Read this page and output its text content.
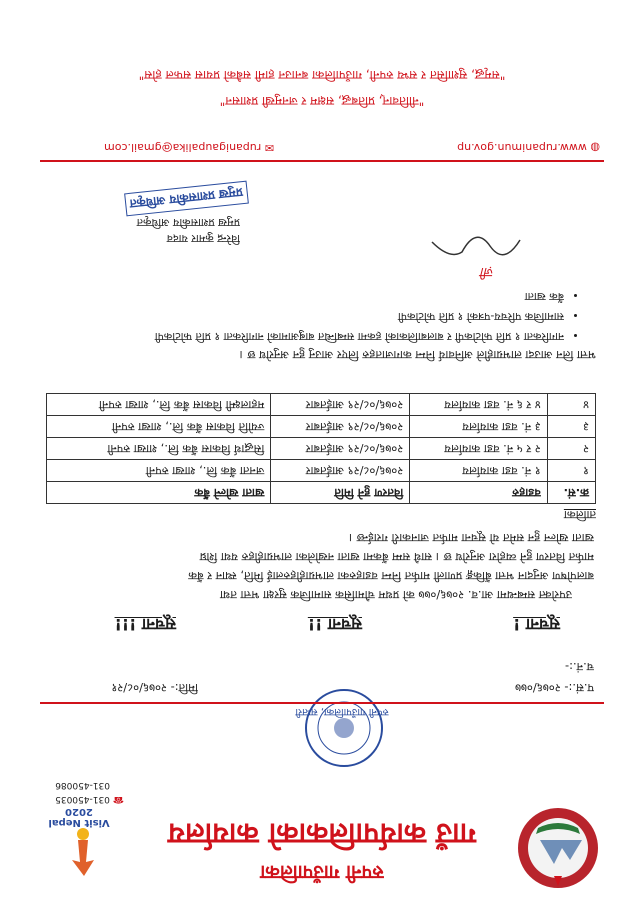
रुपनी गाउँपालिका
गाउँ कार्यपालिकाको कार्यालय
Visit Nepal 2020
☎ 031-450035
031-450086
रुपनी गाउँपालिका, सप्तरी
प.सं.:- २०७६/०७७
मिति:- २०७६/०८/२१
च.नं.:-
सूचना !
सूचना !!
सूचना !!!
उपरोक्त सम्बन्धमा आ.व. २०७६/०७७ को प्रथम चौमासिक सामाजिक सुरक्षा भत्ता तथा
बालपोषण अनुदान भत्ता बैंकिङ्ग प्रणाली मार्फत निम्न वडाहरुका लाभग्राहीहरुलाई मिति, स्थान र बैंक
मार्फत वितरण हुने व्यहोरा अनुरोध छ । साथै सम्म बैंकमा खाता नखोलेका लाभग्राहीहरु यथा शिघ्र
खाता खोल्न हुन समेत यो सूचना मार्फत जानकारी गराईन्छ ।
तालिका
क्र.सं.	वडाहरु	वितरण हुने मिति	खाता खोल्ने बैंक
१	१ नं. वडा कार्यालय	२०७६/०८/२९ आईतबार	जनता बैंक लि., शाखा रुपनी
२	२ र ५ नं. वडा कार्यालय	२०७६/०८/२९ आईतबार	सिद्धार्थ विकास बैंक लि., शाखा रुपनी
३	३ नं. वडा कार्यालय	२०७६/०८/२९ आईतबार	ज्योति विकास बैंक लि., शाखा रुपनी
४	४ र ६ नं. वडा कार्यालय	२०७६/०८/२९ आईतबार	महालक्ष्मी विकास बैंक लि., शाखा रुपनी
भत्ता लिन आउदा लाभग्राहीले अनिवार्य निम्न कागजातहरु लिएर आउनु हुन अनुरोध छ ।
• नागरिकता १ प्रति फोटोकपी र बालबालिकाको हकमा सम्बन्धित बाबुआमाको नागरिकता १ प्रति फोटोकपी
• सामाजिक परिचय-पत्रको १ प्रति फोटोकपी
• बैंक खाता
ज़ी
विरेन्द्र कुमार यादव
प्रमुख प्रशासकीय अधिकृत
प्रमुख प्रशासकीय अधिकृत
◍ www.rupanimun.gov.np
✉ rupanigaupalika@gmail.com
"नीतिवान्, प्रतिबद्ध, सक्षम र जनमुखी प्रशासन"
"समृद्ध, सुशासित र सभ्य रुपनी, गाउँपालिका बनाउन हामी सबैको प्रयास सफल होस"
